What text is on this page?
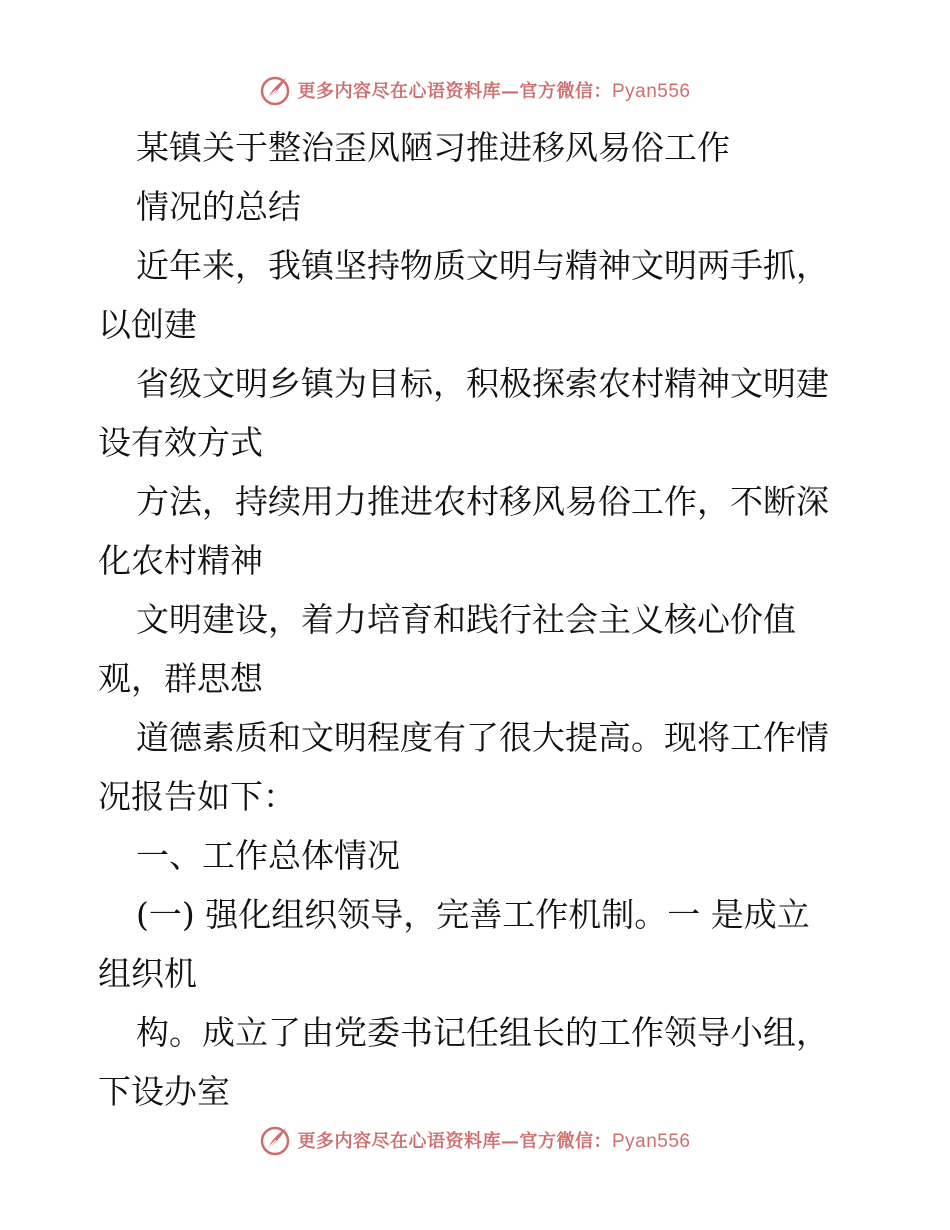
更多内容尽在心语资料库—官方微信：Pyan556
某镇关于整治歪风陋习推进移风易俗工作
情况的总结
近年来，我镇坚持物质文明与精神文明两手抓，
以创建
省级文明乡镇为目标，积极探索农村精神文明建
设有效方式
方法，持续用力推进农村移风易俗工作，不断深
化农村精神
文明建设，着力培育和践行社会主义核心价值
观，群思想
道德素质和文明程度有了很大提高。现将工作情
况报告如下：
一、工作总体情况
(一) 强化组织领导，完善工作机制。一 是成立
组织机
构。成立了由党委书记任组长的工作领导小组，
下设办室
更多内容尽在心语资料库—官方微信：Pyan556
